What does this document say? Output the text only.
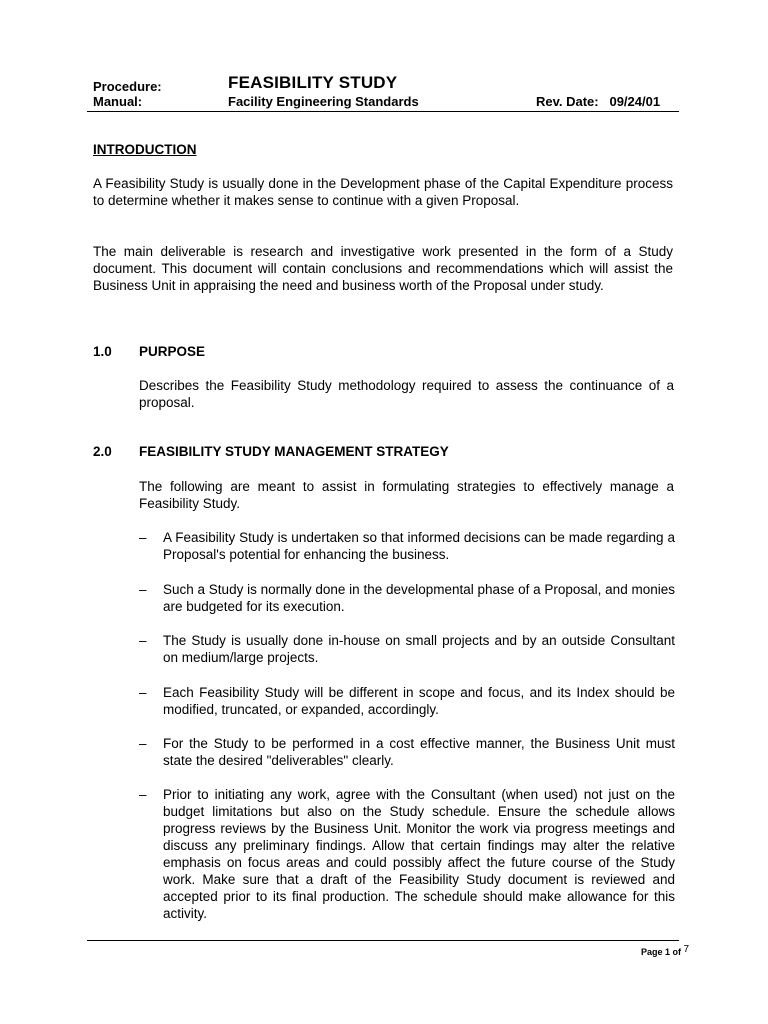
Procedure:	FEASIBILITY STUDY
Manual:	Facility Engineering Standards	Rev. Date: 09/24/01
INTRODUCTION

A Feasibility Study is usually done in the Development phase of the Capital Expenditure process to determine whether it makes sense to continue with a given Proposal.

The main deliverable is research and investigative work presented in the form of a Study document. This document will contain conclusions and recommendations which will assist the Business Unit in appraising the need and business worth of the Proposal under study.

1.0 PURPOSE

Describes the Feasibility Study methodology required to assess the continuance of a proposal.

2.0 FEASIBILITY STUDY MANAGEMENT STRATEGY

The following are meant to assist in formulating strategies to effectively manage a Feasibility Study.

–	A Feasibility Study is undertaken so that informed decisions can be made regarding a Proposal's potential for enhancing the business.

–	Such a Study is normally done in the developmental phase of a Proposal, and monies are budgeted for its execution.

–	The Study is usually done in-house on small projects and by an outside Consultant on medium/large projects.

–	Each Feasibility Study will be different in scope and focus, and its Index should be modified, truncated, or expanded, accordingly.

–	For the Study to be performed in a cost effective manner, the Business Unit must state the desired "deliverables" clearly.

–	Prior to initiating any work, agree with the Consultant (when used) not just on the budget limitations but also on the Study schedule. Ensure the schedule allows progress reviews by the Business Unit. Monitor the work via progress meetings and discuss any preliminary findings. Allow that certain findings may alter the relative emphasis on focus areas and could possibly affect the future course of the Study work. Make sure that a draft of the Feasibility Study document is reviewed and accepted prior to its final production. The schedule should make allowance for this activity.

Page 1 of $^7$
